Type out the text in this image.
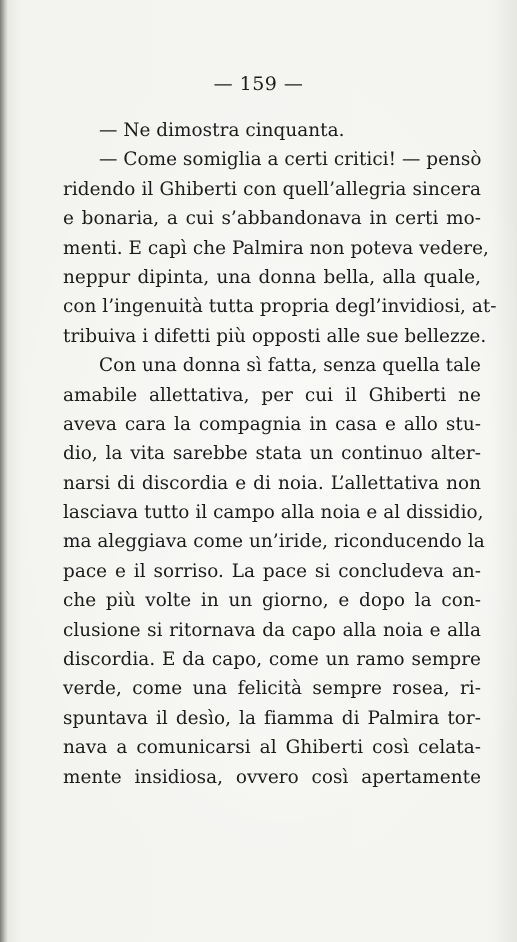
— 159 —
— Ne dimostra cinquanta.
— Come somiglia a certi critici! — pensò
ridendo il Ghiberti con quell’allegria sincera
e bonaria, a cui s’abbandonava in certi mo-
menti. E capì che Palmira non poteva vedere,
neppur dipinta, una donna bella, alla quale,
con l’ingenuità tutta propria degl’invidiosi, at-
tribuiva i difetti più opposti alle sue bellezze.
Con una donna sì fatta, senza quella tale
amabile allettativa, per cui il Ghiberti ne
aveva cara la compagnia in casa e allo stu-
dio, la vita sarebbe stata un continuo alter-
narsi di discordia e di noia. L’allettativa non
lasciava tutto il campo alla noia e al dissidio,
ma aleggiava come un’iride, riconducendo la
pace e il sorriso. La pace si concludeva an-
che più volte in un giorno, e dopo la con-
clusione si ritornava da capo alla noia e alla
discordia. E da capo, come un ramo sempre
verde, come una felicità sempre rosea, ri-
spuntava il desìo, la fiamma di Palmira tor-
nava a comunicarsi al Ghiberti così celata-
mente insidiosa, ovvero così apertamente
